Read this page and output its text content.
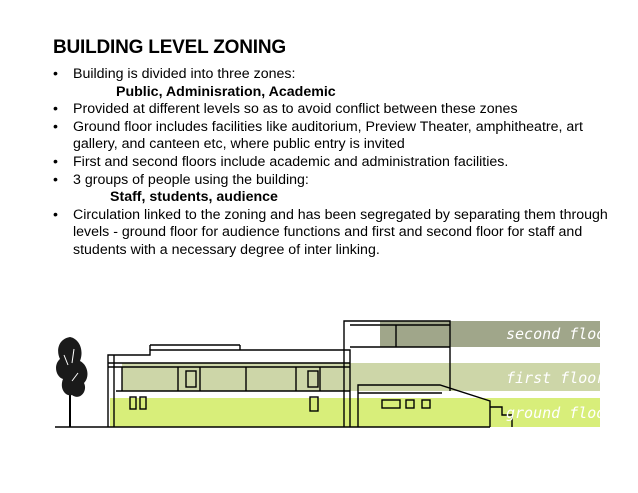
BUILDING LEVEL ZONING

• Building is divided into three zones:

Public, Adminisration, Academic

• Provided at different levels so as to avoid conflict between these zones

• Ground floor includes facilities like auditorium, Preview Theater, amphitheatre, art gallery, and canteen etc, where public entry is invited

• First and second floors include academic and administration facilities.

• 3 groups of people using the building:

Staff, students, audience

• Circulation linked to the zoning and has been segregated by separating them through levels - ground floor for audience functions and first and second floor for staff and students with a necessary degree of inter linking.

second floor
first floor
ground floor
